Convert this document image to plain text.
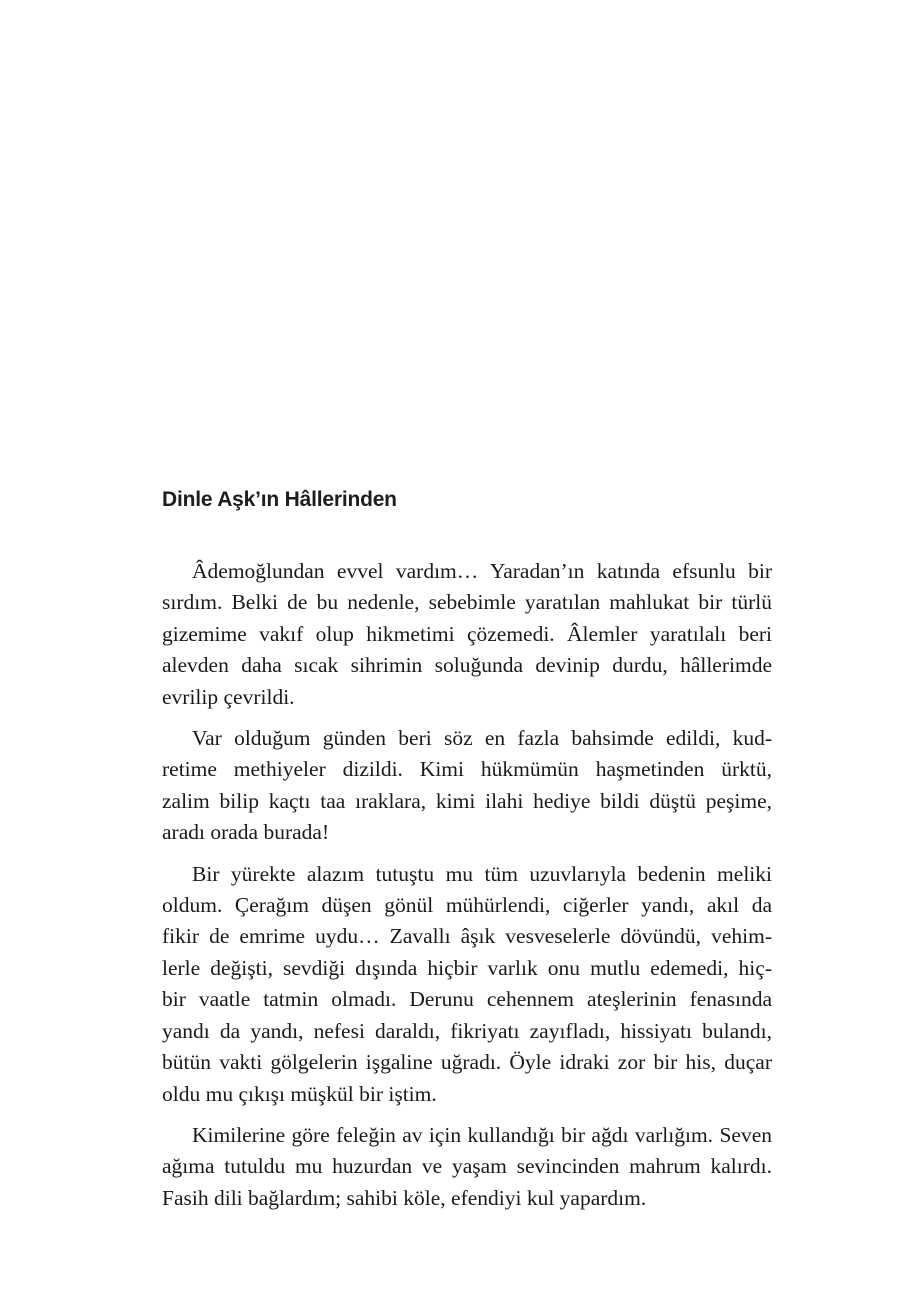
Dinle Aşk’ın Hâllerinden
Âdemoğlundan evvel vardım… Yaradan’ın katında efsunlu bir
sırdım. Belki de bu nedenle, sebebimle yaratılan mahlukat bir türlü
gizemime vakıf olup hikmetimi çözemedi. Âlemler yaratılalı beri
alevden daha sıcak sihrimin soluğunda devinip durdu, hâllerimde
evrilip çevrildi.
Var olduğum günden beri söz en fazla bahsimde edildi, kud-
retime methiyeler dizildi. Kimi hükmümün haşmetinden ürktü,
zalim bilip kaçtı taa ıraklara, kimi ilahi hediye bildi düştü peşime,
aradı orada burada!
Bir yürekte alazım tutuştu mu tüm uzuvlarıyla bedenin meliki
oldum. Çerağım düşen gönül mühürlendi, ciğerler yandı, akıl da
fikir de emrime uydu… Zavallı âşık vesveselerle dövündü, vehim-
lerle değişti, sevdiği dışında hiçbir varlık onu mutlu edemedi, hiç-
bir vaatle tatmin olmadı. Derunu cehennem ateşlerinin fenasında
yandı da yandı, nefesi daraldı, fikriyatı zayıfladı, hissiyatı bulandı,
bütün vakti gölgelerin işgaline uğradı. Öyle idraki zor bir his, duçar
oldu mu çıkışı müşkül bir iştim.
Kimilerine göre feleğin av için kullandığı bir ağdı varlığım. Seven
ağıma tutuldu mu huzurdan ve yaşam sevincinden mahrum kalırdı.
Fasih dili bağlardım; sahibi köle, efendiyi kul yapardım.
